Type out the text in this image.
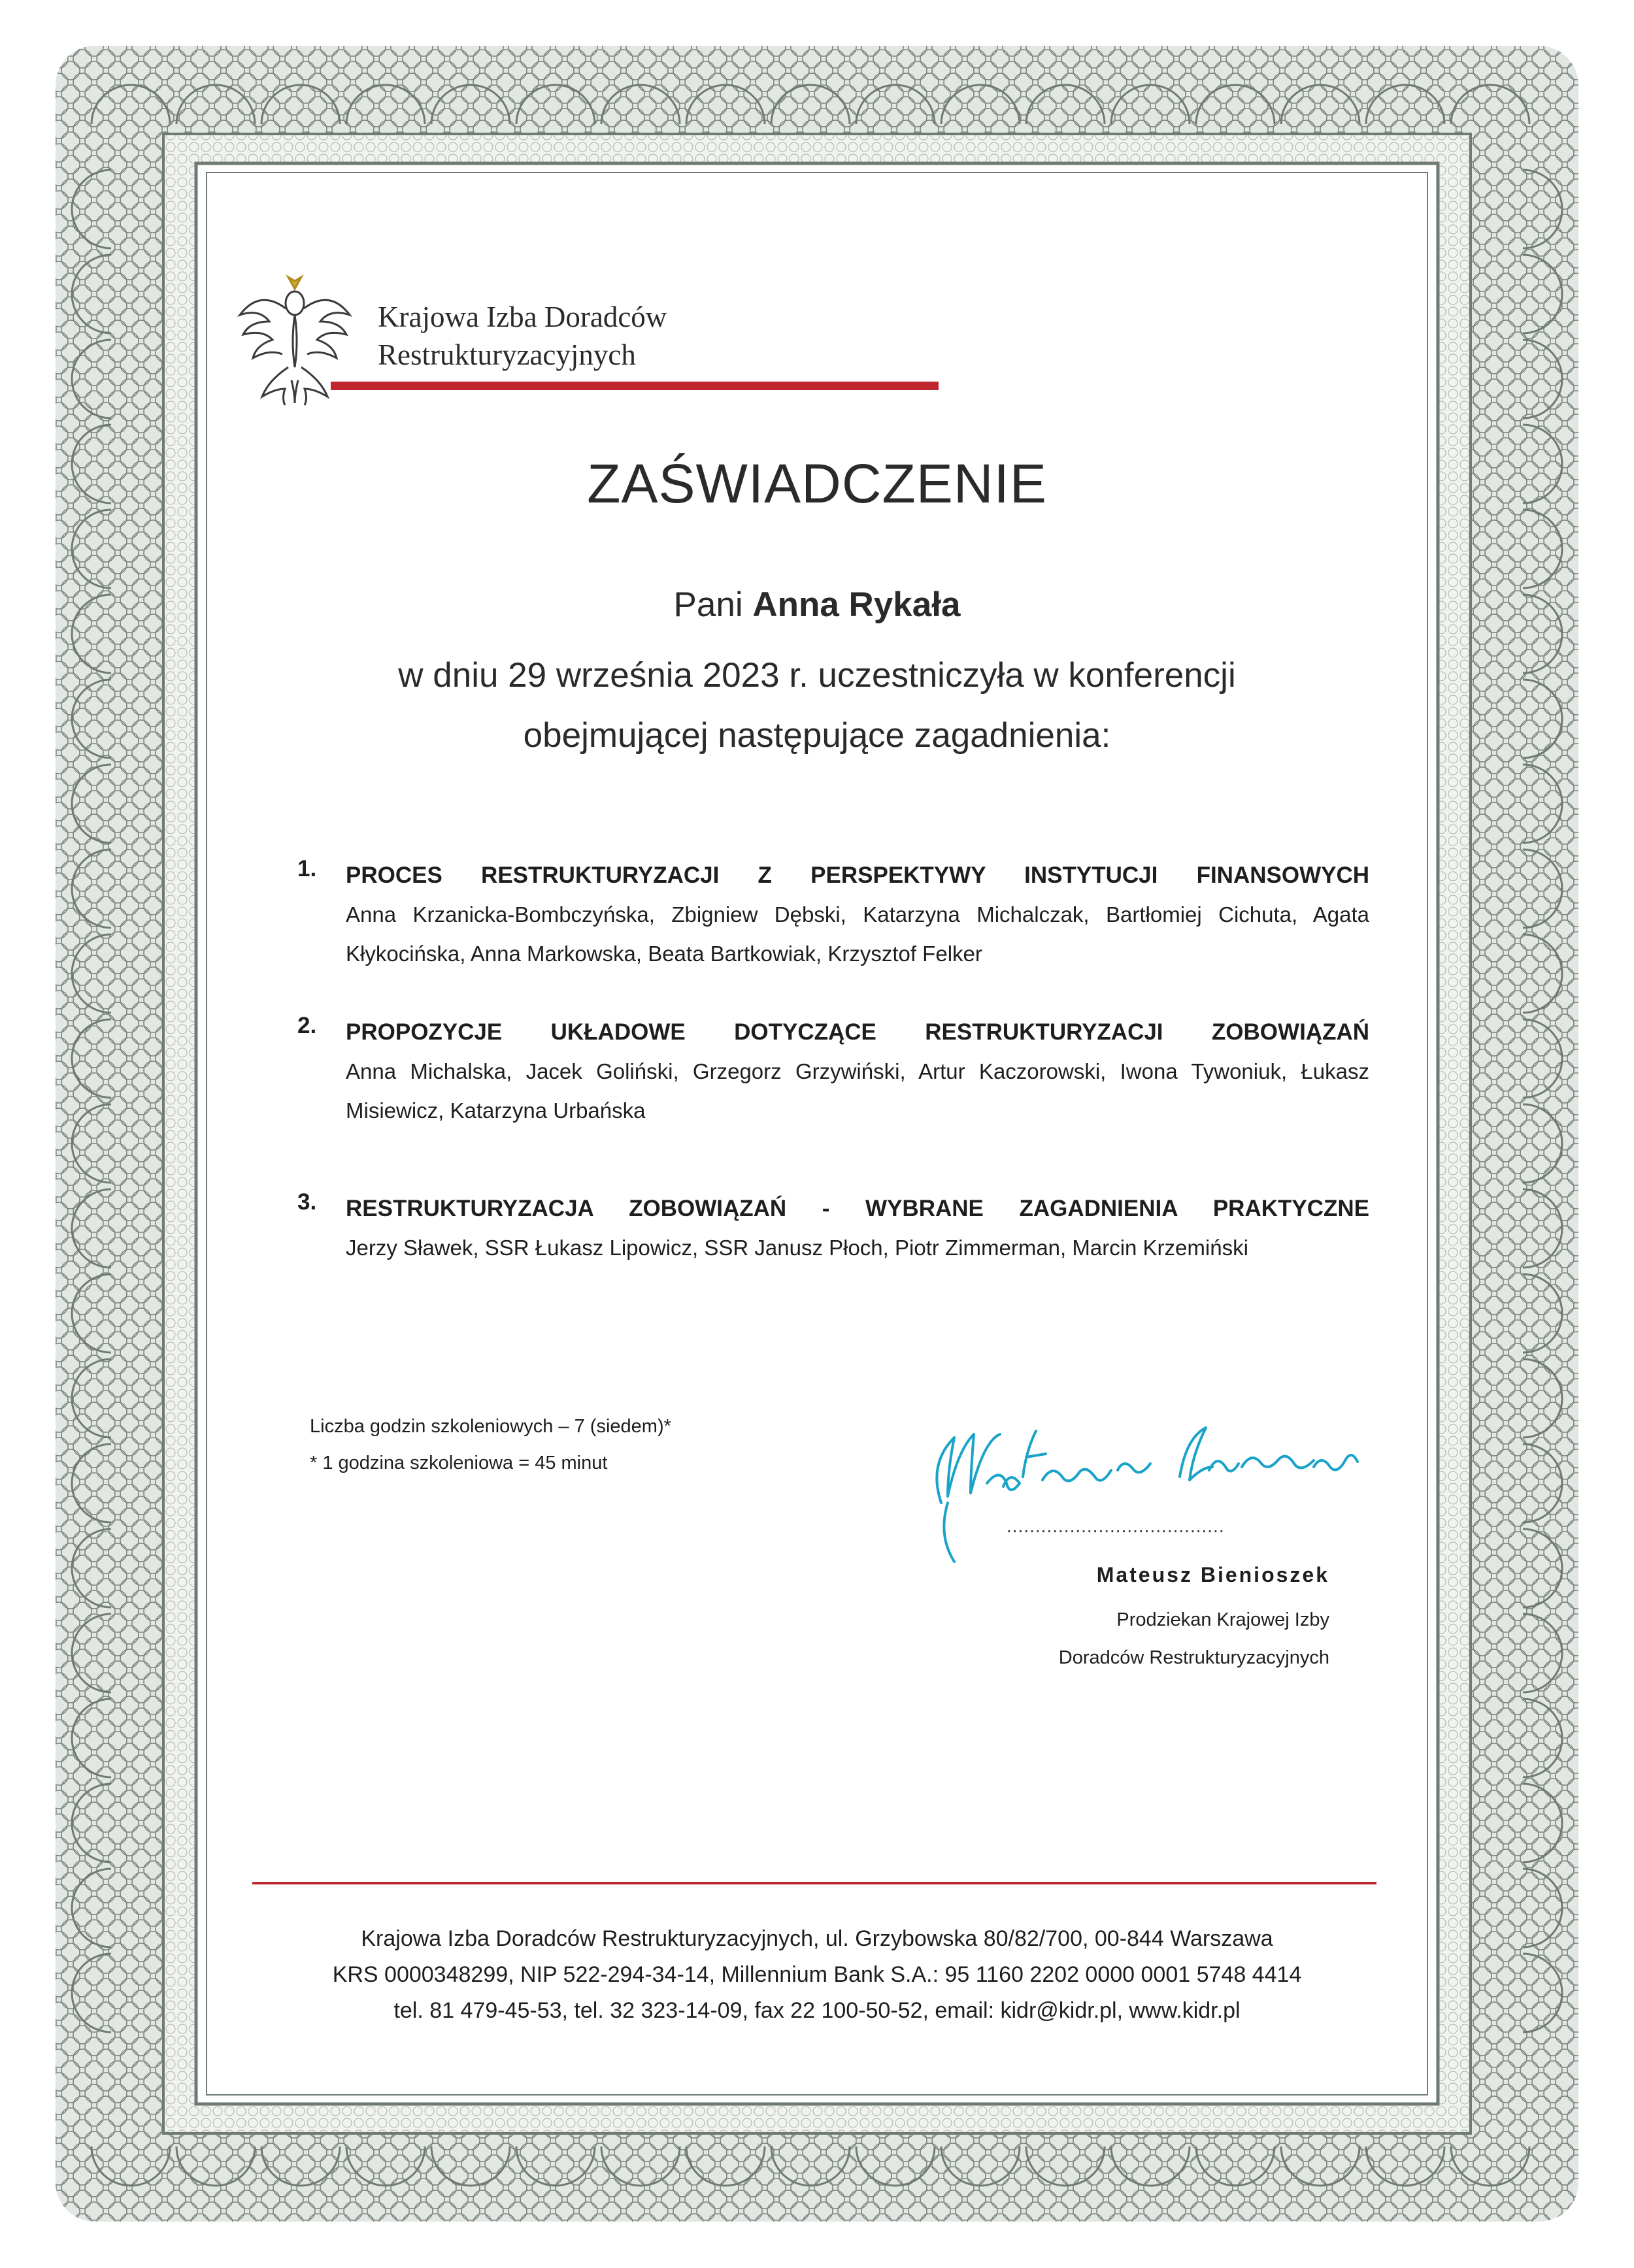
Krajowa Izba Doradców
Restrukturyzacyjnych
ZAŚWIADCZENIE
Pani Anna Rykała
w dniu 29 września 2023 r. uczestniczyła w konferencji
obejmującej następujące zagadnienia:
1. PROCES RESTRUKTURYZACJI Z PERSPEKTYWY INSTYTUCJI FINANSOWYCH
Anna Krzanicka-Bombczyńska, Zbigniew Dębski, Katarzyna Michalczak, Bartłomiej Cichuta, Agata Kłykocińska, Anna Markowska, Beata Bartkowiak, Krzysztof Felker
2. PROPOZYCJE UKŁADOWE DOTYCZĄCE RESTRUKTURYZACJI ZOBOWIĄZAŃ
Anna Michalska, Jacek Goliński, Grzegorz Grzywiński, Artur Kaczorowski, Iwona Tywoniuk, Łukasz Misiewicz, Katarzyna Urbańska
3. RESTRUKTURYZACJA ZOBOWIĄZAŃ - WYBRANE ZAGADNIENIA PRAKTYCZNE
Jerzy Sławek, SSR Łukasz Lipowicz, SSR Janusz Płoch, Piotr Zimmerman, Marcin Krzemiński
Liczba godzin szkoleniowych – 7 (siedem)*
* 1 godzina szkoleniowa = 45 minut
......................................
Mateusz Bienioszek
Prodziekan Krajowej Izby
Doradców Restrukturyzacyjnych
Krajowa Izba Doradców Restrukturyzacyjnych, ul. Grzybowska 80/82/700, 00-844 Warszawa
KRS 0000348299, NIP 522-294-34-14, Millennium Bank S.A.: 95 1160 2202 0000 0001 5748 4414
tel. 81 479-45-53, tel. 32 323-14-09, fax 22 100-50-52, email: kidr@kidr.pl, www.kidr.pl
